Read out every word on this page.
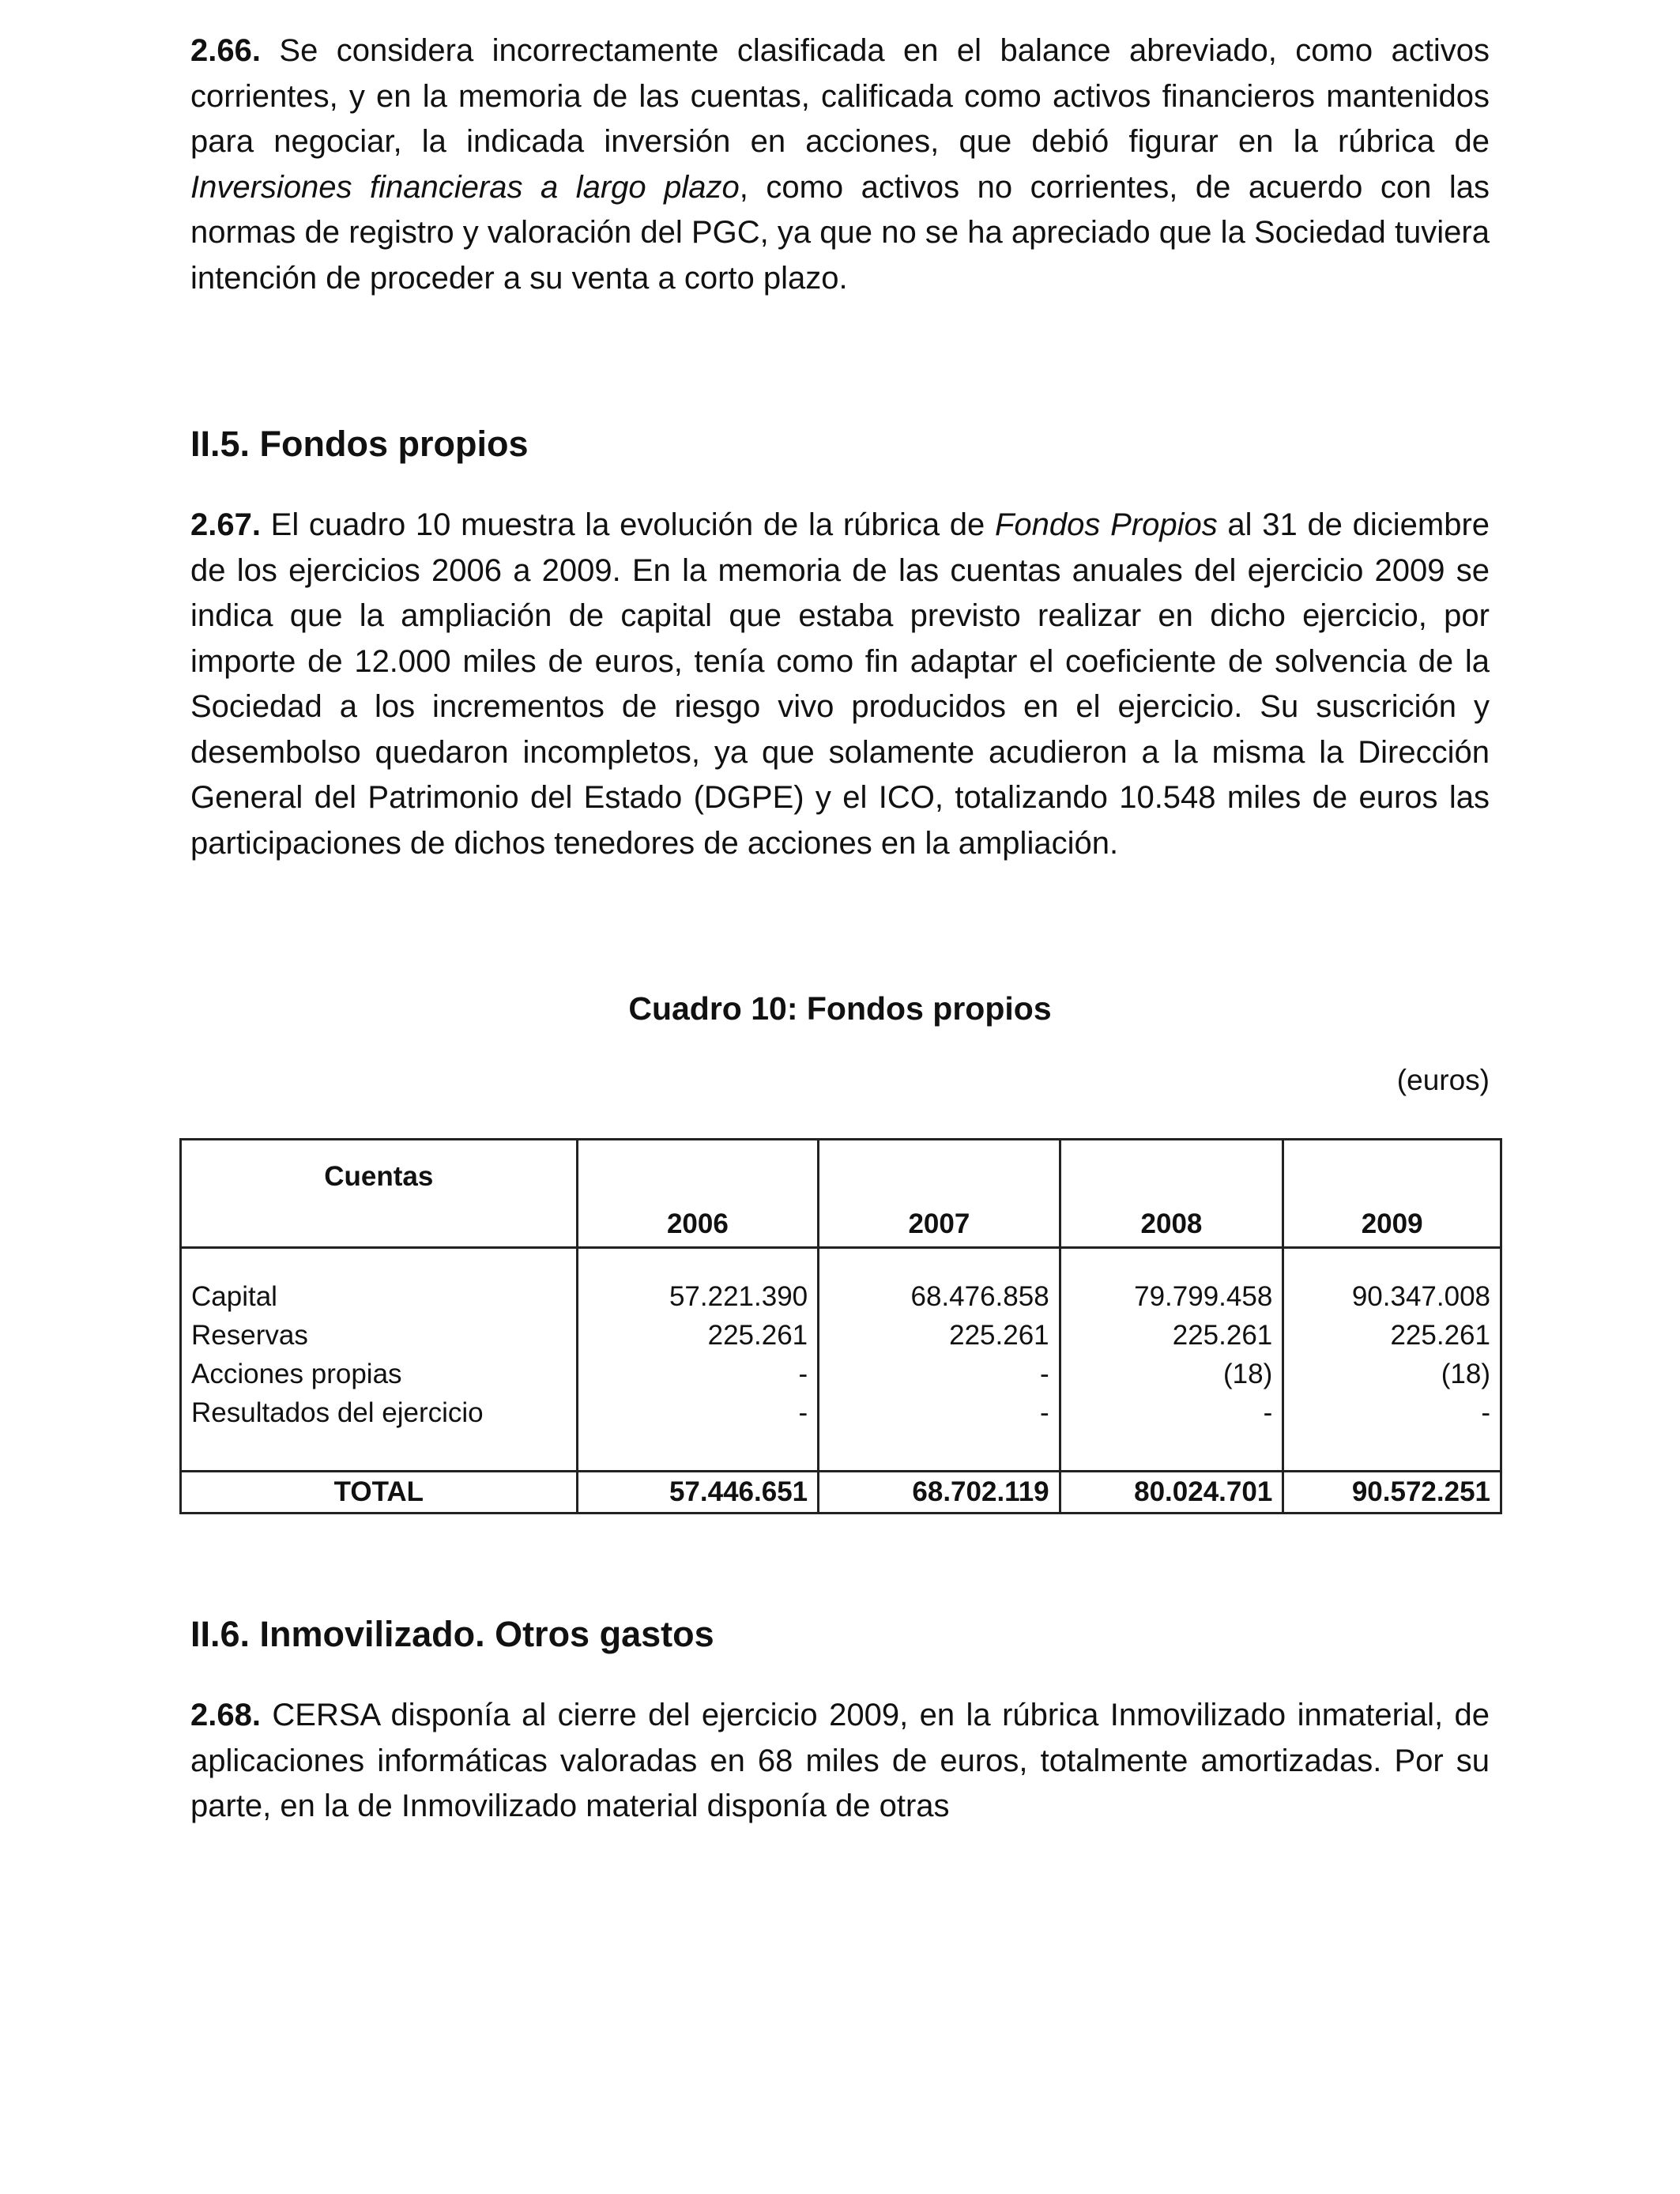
2.66. Se considera incorrectamente clasificada en el balance abreviado, como activos corrientes, y en la memoria de las cuentas, calificada como activos financieros mantenidos para negociar, la indicada inversión en acciones, que debió figurar en la rúbrica de Inversiones financieras a largo plazo, como activos no corrientes, de acuerdo con las normas de registro y valoración del PGC, ya que no se ha apreciado que la Sociedad tuviera intención de proceder a su venta a corto plazo.

II.5. Fondos propios

2.67. El cuadro 10 muestra la evolución de la rúbrica de Fondos Propios al 31 de diciembre de los ejercicios 2006 a 2009. En la memoria de las cuentas anuales del ejercicio 2009 se indica que la ampliación de capital que estaba previsto realizar en dicho ejercicio, por importe de 12.000 miles de euros, tenía como fin adaptar el coeficiente de solvencia de la Sociedad a los incrementos de riesgo vivo producidos en el ejercicio. Su suscrición y desembolso quedaron incompletos, ya que solamente acudieron a la misma la Dirección General del Patrimonio del Estado (DGPE) y el ICO, totalizando 10.548 miles de euros las participaciones de dichos tenedores de acciones en la ampliación.

Cuadro 10: Fondos propios
(euros)
Cuentas	2006	2007	2008	2009
Capital	57.221.390	68.476.858	79.799.458	90.347.008
Reservas	225.261	225.261	225.261	225.261
Acciones propias	-	-	(18)	(18)
Resultados del ejercicio	-	-	-	-
TOTAL	57.446.651	68.702.119	80.024.701	90.572.251
II.6. Inmovilizado. Otros gastos

2.68. CERSA disponía al cierre del ejercicio 2009, en la rúbrica Inmovilizado inmaterial, de aplicaciones informáticas valoradas en 68 miles de euros, totalmente amortizadas. Por su parte, en la de Inmovilizado material disponía de otras
